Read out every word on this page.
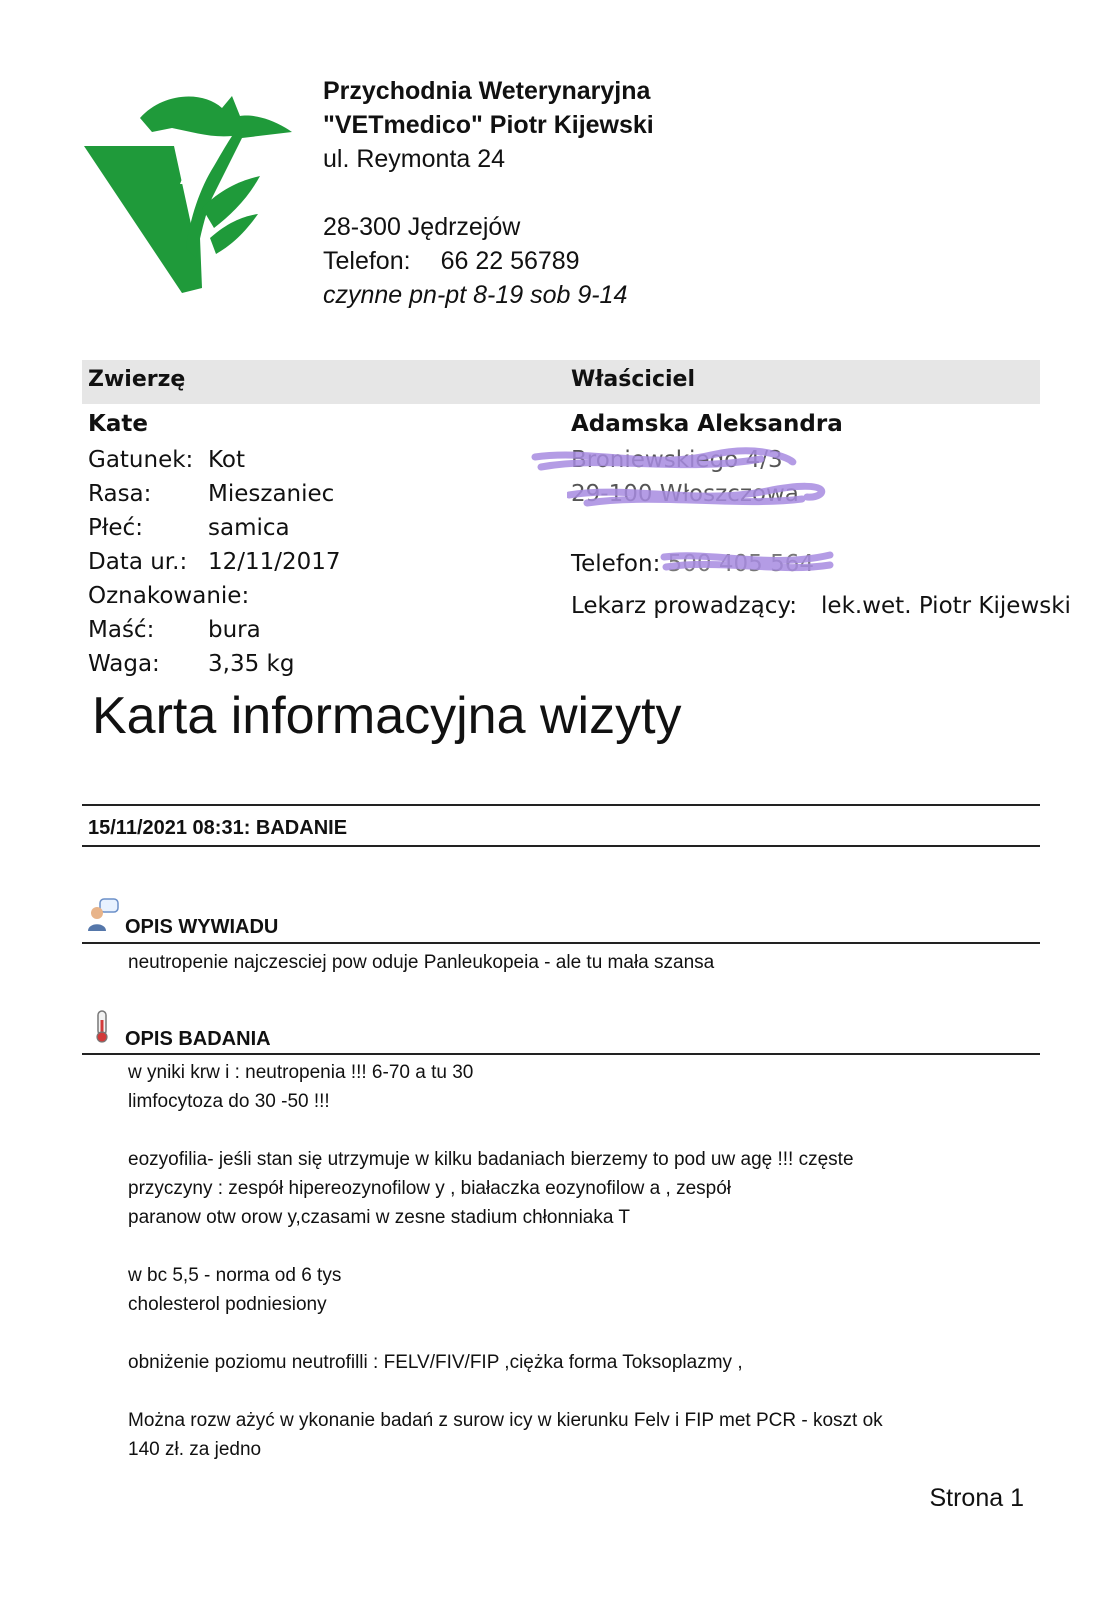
Przychodnia Weterynaryjna
"VETmedico" Piotr Kijewski
ul. Reymonta 24
28-300 Jędrzejów
Telefon: 66 22 56789
czynne pn-pt 8-19 sob 9-14
Zwierzę	Właściciel
Kate
Gatunek: Kot
Rasa: Mieszaniec
Płeć:	samica
Data ur.: 12/11/2017
Oznakowanie:
Maść: bura
Waga: 3,35 kg
Adamska Aleksandra
Broniewskiego 4/3
29-100 Włoszczowa
Telefon: 500 405 564
Lekarz prowadzący: lek.wet. Piotr Kijewski
Karta informacyjna wizyty
15/11/2021 08:31: BADANIE
OPIS WYWIADU
neutropenie najczesciej pow oduje Panleukopeia - ale tu mała szansa
OPIS BADANIA
w yniki krw i : neutropenia !!! 6-70 a tu 30
limfocytoza do 30 -50 !!!

eozyofilia- jeśli stan się utrzymuje w kilku badaniach bierzemy to pod uw agę !!! częste
przyczyny : zespół hipereozynofilow y , białaczka eozynofilow a , zespół
paranow otw orow y,czasami w zesne stadium chłonniaka T

w bc 5,5 - norma od 6 tys
cholesterol podniesiony

obniżenie poziomu neutrofilli : FELV/FIV/FIP ,ciężka forma Toksoplazmy ,

Można rozw ażyć w ykonanie badań z surow icy w kierunku Felv i FIP met PCR - koszt ok
140 zł. za jedno
Strona 1
